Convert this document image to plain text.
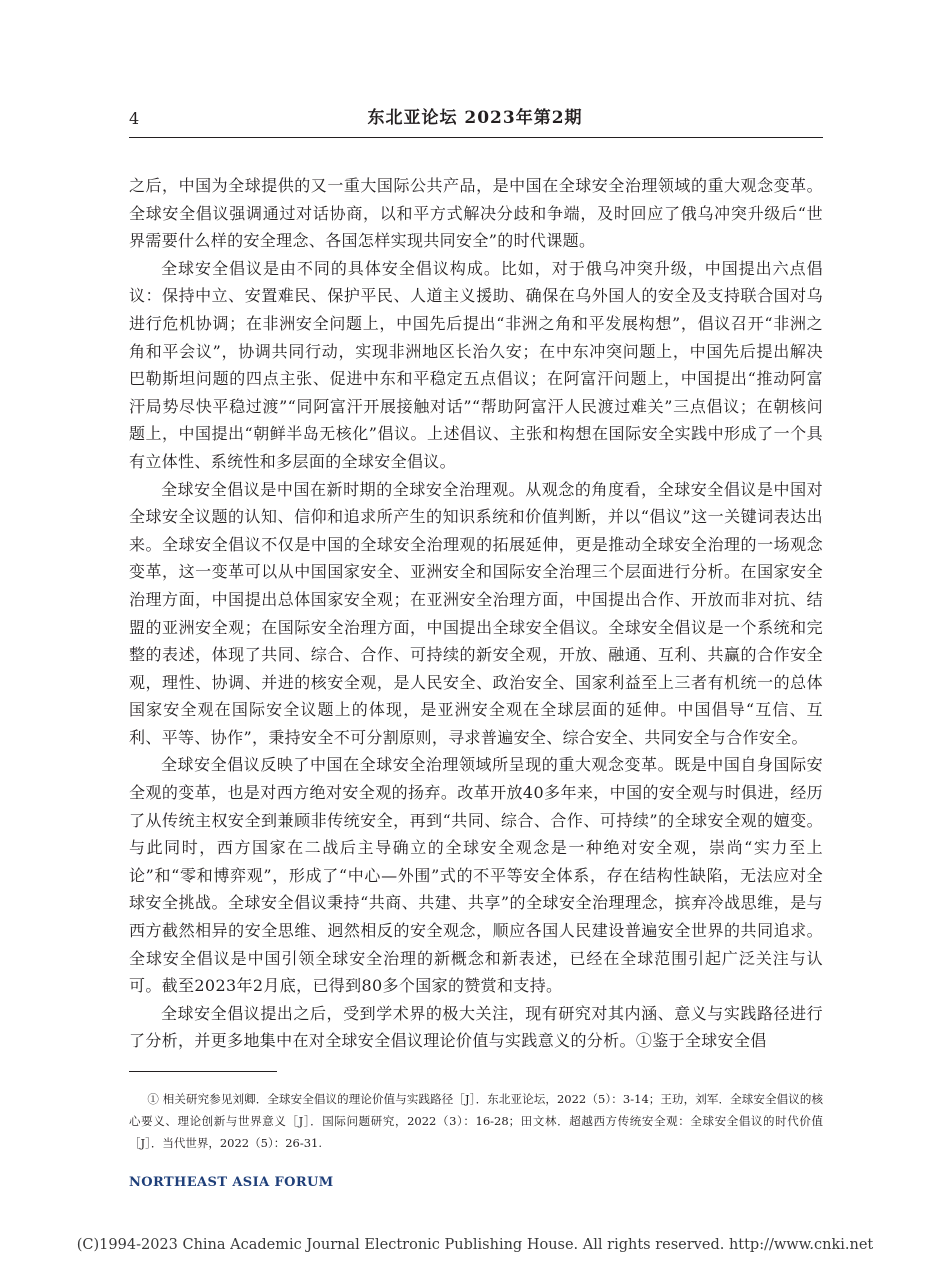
4	东北亚论坛 2023年第2期

之后，中国为全球提供的又一重大国际公共产品，是中国在全球安全治理领域的重大观念变革。全球安全倡议强调通过对话协商，以和平方式解决分歧和争端，及时回应了俄乌冲突升级后“世界需要什么样的安全理念、各国怎样实现共同安全”的时代课题。

全球安全倡议是由不同的具体安全倡议构成。比如，对于俄乌冲突升级，中国提出六点倡议：保持中立、安置难民、保护平民、人道主义援助、确保在乌外国人的安全及支持联合国对乌进行危机协调；在非洲安全问题上，中国先后提出“非洲之角和平发展构想”，倡议召开“非洲之角和平会议”，协调共同行动，实现非洲地区长治久安；在中东冲突问题上，中国先后提出解决巴勒斯坦问题的四点主张、促进中东和平稳定五点倡议；在阿富汗问题上，中国提出“推动阿富汗局势尽快平稳过渡”“同阿富汗开展接触对话”“帮助阿富汗人民渡过难关”三点倡议；在朝核问题上，中国提出“朝鲜半岛无核化”倡议。上述倡议、主张和构想在国际安全实践中形成了一个具有立体性、系统性和多层面的全球安全倡议。

全球安全倡议是中国在新时期的全球安全治理观。从观念的角度看，全球安全倡议是中国对全球安全议题的认知、信仰和追求所产生的知识系统和价值判断，并以“倡议”这一关键词表达出来。全球安全倡议不仅是中国的全球安全治理观的拓展延伸，更是推动全球安全治理的一场观念变革，这一变革可以从中国国家安全、亚洲安全和国际安全治理三个层面进行分析。在国家安全治理方面，中国提出总体国家安全观；在亚洲安全治理方面，中国提出合作、开放而非对抗、结盟的亚洲安全观；在国际安全治理方面，中国提出全球安全倡议。全球安全倡议是一个系统和完整的表述，体现了共同、综合、合作、可持续的新安全观，开放、融通、互利、共赢的合作安全观，理性、协调、并进的核安全观，是人民安全、政治安全、国家利益至上三者有机统一的总体国家安全观在国际安全议题上的体现，是亚洲安全观在全球层面的延伸。中国倡导“互信、互利、平等、协作”，秉持安全不可分割原则，寻求普遍安全、综合安全、共同安全与合作安全。

全球安全倡议反映了中国在全球安全治理领域所呈现的重大观念变革。既是中国自身国际安全观的变革，也是对西方绝对安全观的扬弃。改革开放40多年来，中国的安全观与时俱进，经历了从传统主权安全到兼顾非传统安全，再到“共同、综合、合作、可持续”的全球安全观的嬗变。与此同时，西方国家在二战后主导确立的全球安全观念是一种绝对安全观，崇尚“实力至上论”和“零和博弈观”，形成了“中心—外围”式的不平等安全体系，存在结构性缺陷，无法应对全球安全挑战。全球安全倡议秉持“共商、共建、共享”的全球安全治理理念，摈弃冷战思维，是与西方截然相异的安全思维、迥然相反的安全观念，顺应各国人民建设普遍安全世界的共同追求。全球安全倡议是中国引领全球安全治理的新概念和新表述，已经在全球范围引起广泛关注与认可。截至2023年2月底，已得到80多个国家的赞赏和支持。

全球安全倡议提出之后，受到学术界的极大关注，现有研究对其内涵、意义与实践路径进行了分析，并更多地集中在对全球安全倡议理论价值与实践意义的分析。①鉴于全球安全倡

① 相关研究参见刘卿．全球安全倡议的理论价值与实践路径［J］．东北亚论坛，2022（5）：3-14；王玏，刘军．全球安全倡议的核心要义、理论创新与世界意义［J］．国际问题研究，2022（3）：16-28；田文林．超越西方传统安全观：全球安全倡议的时代价值［J］．当代世界，2022（5）：26-31.

NORTHEAST ASIA FORUM
(C)1994-2023 China Academic Journal Electronic Publishing House. All rights reserved. http://www.cnki.net
